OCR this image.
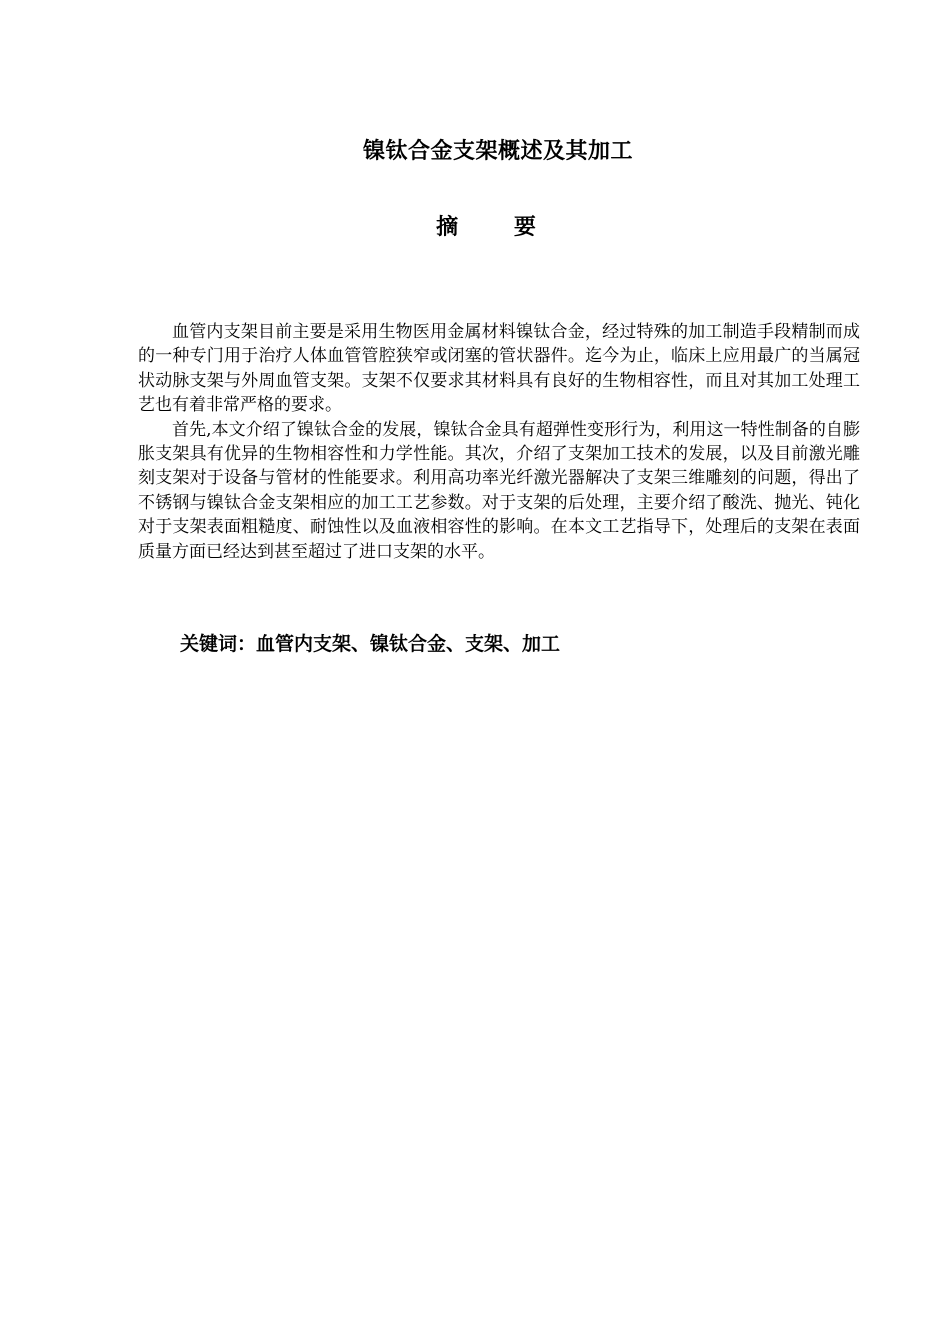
镍钛合金支架概述及其加工
摘 要

血管内支架目前主要是采用生物医用金属材料镍钛合金，经过特殊的加工制造手段精制而成的一种专门用于治疗人体血管管腔狭窄或闭塞的管状器件。迄今为止，临床上应用最广的当属冠状动脉支架与外周血管支架。支架不仅要求其材料具有良好的生物相容性，而且对其加工处理工艺也有着非常严格的要求。

首先,本文介绍了镍钛合金的发展，镍钛合金具有超弹性变形行为，利用这一特性制备的自膨胀支架具有优异的生物相容性和力学性能。其次，介绍了支架加工技术的发展，以及目前激光雕刻支架对于设备与管材的性能要求。利用高功率光纤激光器解决了支架三维雕刻的问题，得出了不锈钢与镍钛合金支架相应的加工工艺参数。对于支架的后处理，主要介绍了酸洗、抛光、钝化对于支架表面粗糙度、耐蚀性以及血液相容性的影响。在本文工艺指导下，处理后的支架在表面质量方面已经达到甚至超过了进口支架的水平。

关键词：血管内支架、镍钛合金、支架、加工
